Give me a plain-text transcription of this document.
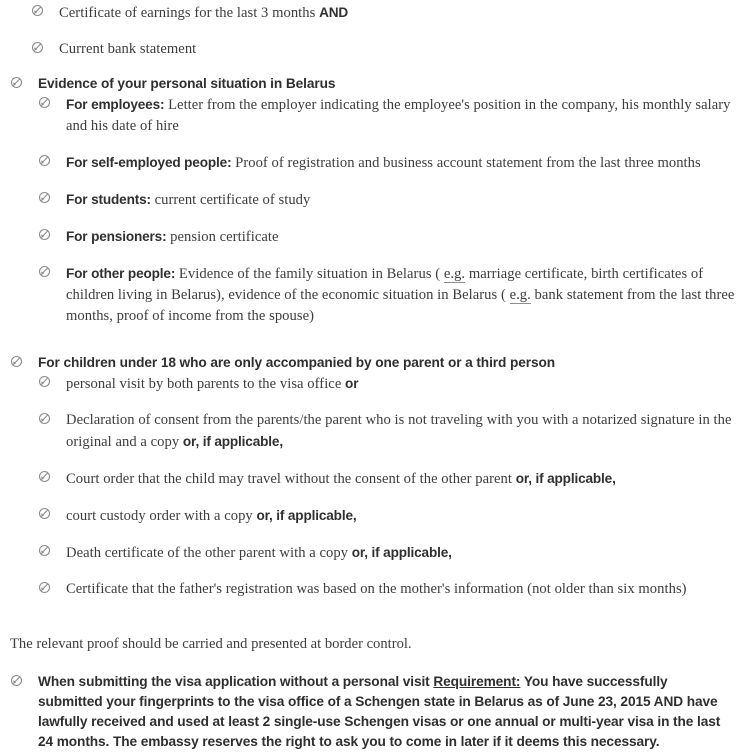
Certificate of earnings for the last 3 months AND
Current bank statement
Evidence of your personal situation in Belarus
For employees: Letter from the employer indicating the employee's position in the company, his monthly salary and his date of hire
For self-employed people: Proof of registration and business account statement from the last three months
For students: current certificate of study
For pensioners: pension certificate
For other people: Evidence of the family situation in Belarus ( e.g. marriage certificate, birth certificates of children living in Belarus), evidence of the economic situation in Belarus ( e.g. bank statement from the last three months, proof of income from the spouse)
For children under 18 who are only accompanied by one parent or a third person
personal visit by both parents to the visa office or
Declaration of consent from the parents/the parent who is not traveling with you with a notarized signature in the original and a copy or, if applicable,
Court order that the child may travel without the consent of the other parent or, if applicable,
court custody order with a copy or, if applicable,
Death certificate of the other parent with a copy or, if applicable,
Certificate that the father's registration was based on the mother's information (not older than six months)

The relevant proof should be carried and presented at border control.

When submitting the visa application without a personal visit Requirement: You have successfully submitted your fingerprints to the visa office of a Schengen state in Belarus as of June 23, 2015 AND have lawfully received and used at least 2 single-use Schengen visas or one annual or multi-year visa in the last 24 months. The embassy reserves the right to ask you to come in later if it deems this necessary.
